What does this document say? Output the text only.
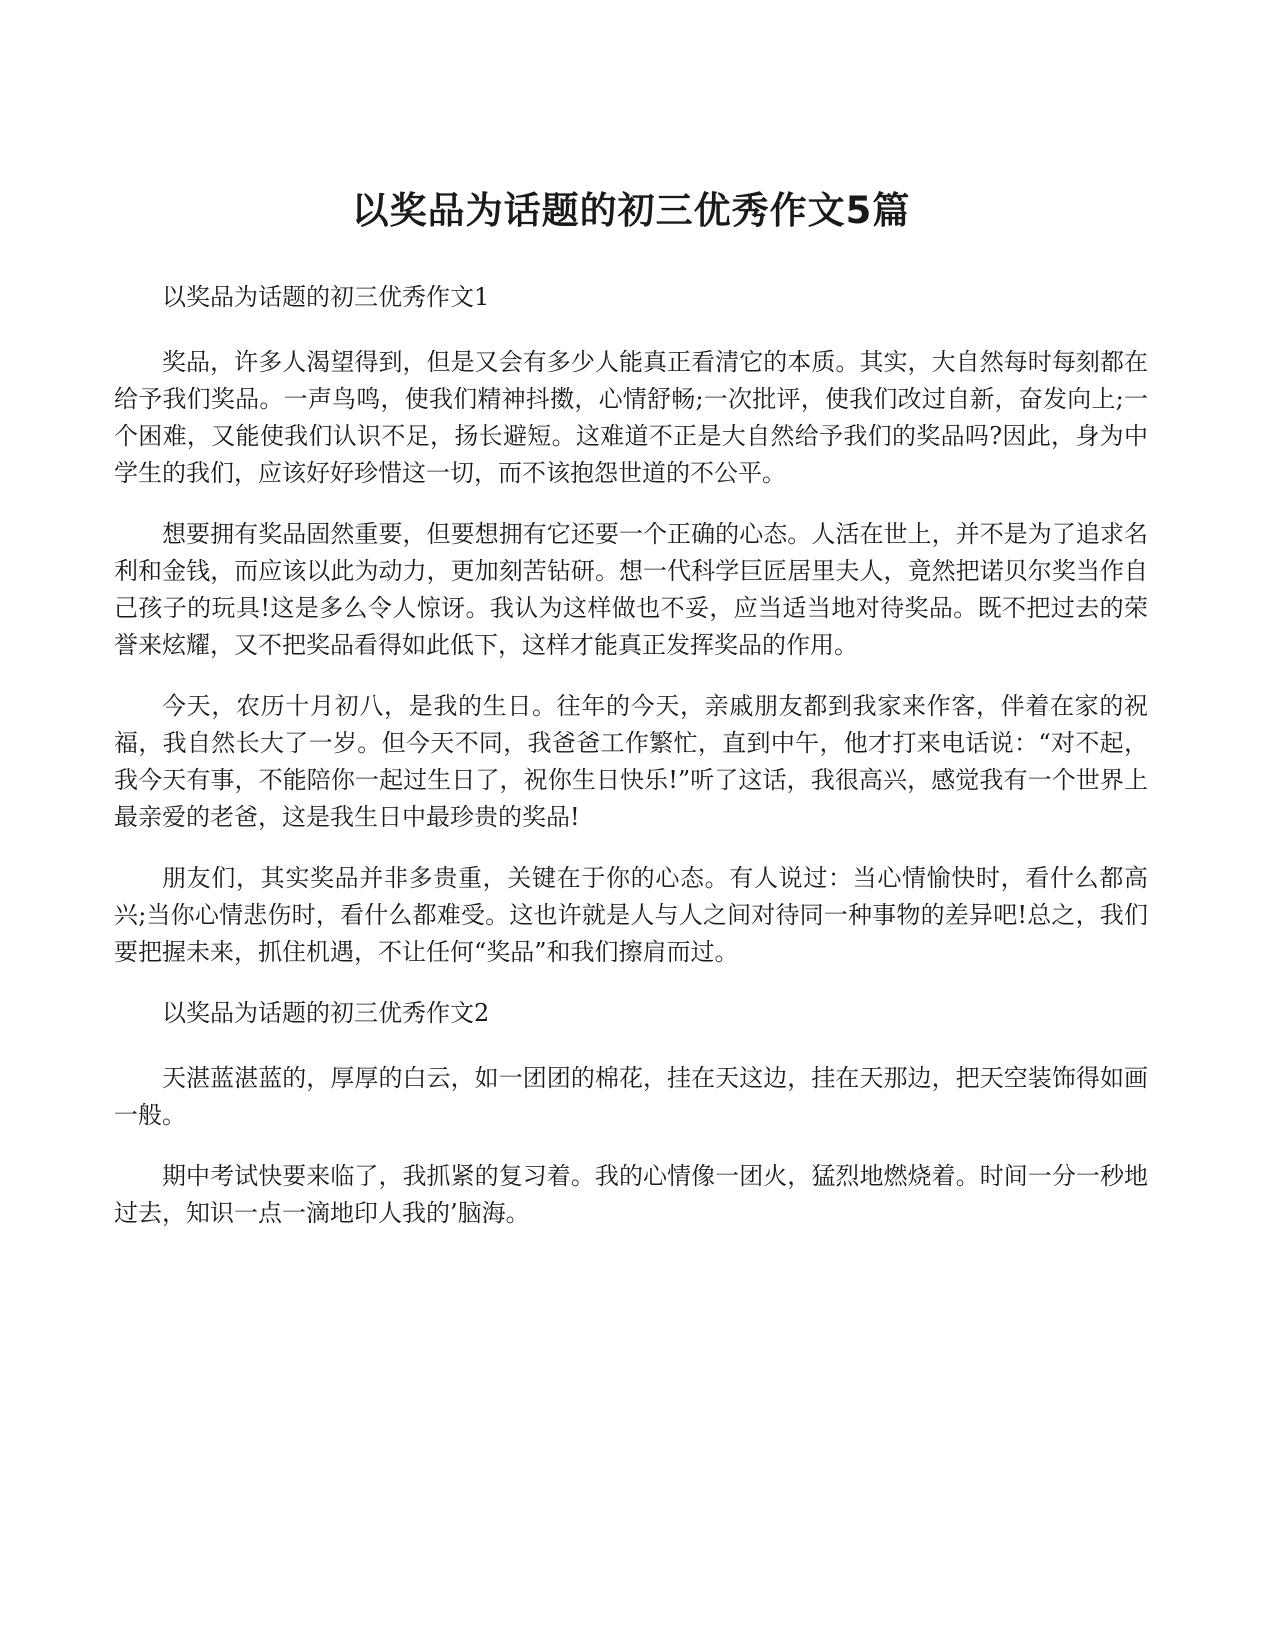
以奖品为话题的初三优秀作文5篇

以奖品为话题的初三优秀作文1

奖品，许多人渴望得到，但是又会有多少人能真正看清它的本质。其实，大自然每时每刻都在给予我们奖品。一声鸟鸣，使我们精神抖擞，心情舒畅;一次批评，使我们改过自新，奋发向上;一个困难，又能使我们认识不足，扬长避短。这难道不正是大自然给予我们的奖品吗?因此，身为中学生的我们，应该好好珍惜这一切，而不该抱怨世道的不公平。

想要拥有奖品固然重要，但要想拥有它还要一个正确的心态。人活在世上，并不是为了追求名利和金钱，而应该以此为动力，更加刻苦钻研。想一代科学巨匠居里夫人，竟然把诺贝尔奖当作自己孩子的玩具!这是多么令人惊讶。我认为这样做也不妥，应当适当地对待奖品。既不把过去的荣誉来炫耀，又不把奖品看得如此低下，这样才能真正发挥奖品的作用。

今天，农历十月初八，是我的生日。往年的今天，亲戚朋友都到我家来作客，伴着在家的祝福，我自然长大了一岁。但今天不同，我爸爸工作繁忙，直到中午，他才打来电话说：“对不起，我今天有事，不能陪你一起过生日了，祝你生日快乐!”听了这话，我很高兴，感觉我有一个世界上最亲爱的老爸，这是我生日中最珍贵的奖品!

朋友们，其实奖品并非多贵重，关键在于你的心态。有人说过：当心情愉快时，看什么都高兴;当你心情悲伤时，看什么都难受。这也许就是人与人之间对待同一种事物的差异吧!总之，我们要把握未来，抓住机遇，不让任何“奖品”和我们擦肩而过。

以奖品为话题的初三优秀作文2

天湛蓝湛蓝的，厚厚的白云，如一团团的棉花，挂在天这边，挂在天那边，把天空装饰得如画一般。

期中考试快要来临了，我抓紧的复习着。我的心情像一团火，猛烈地燃烧着。时间一分一秒地过去，知识一点一滴地印人我的’脑海。
